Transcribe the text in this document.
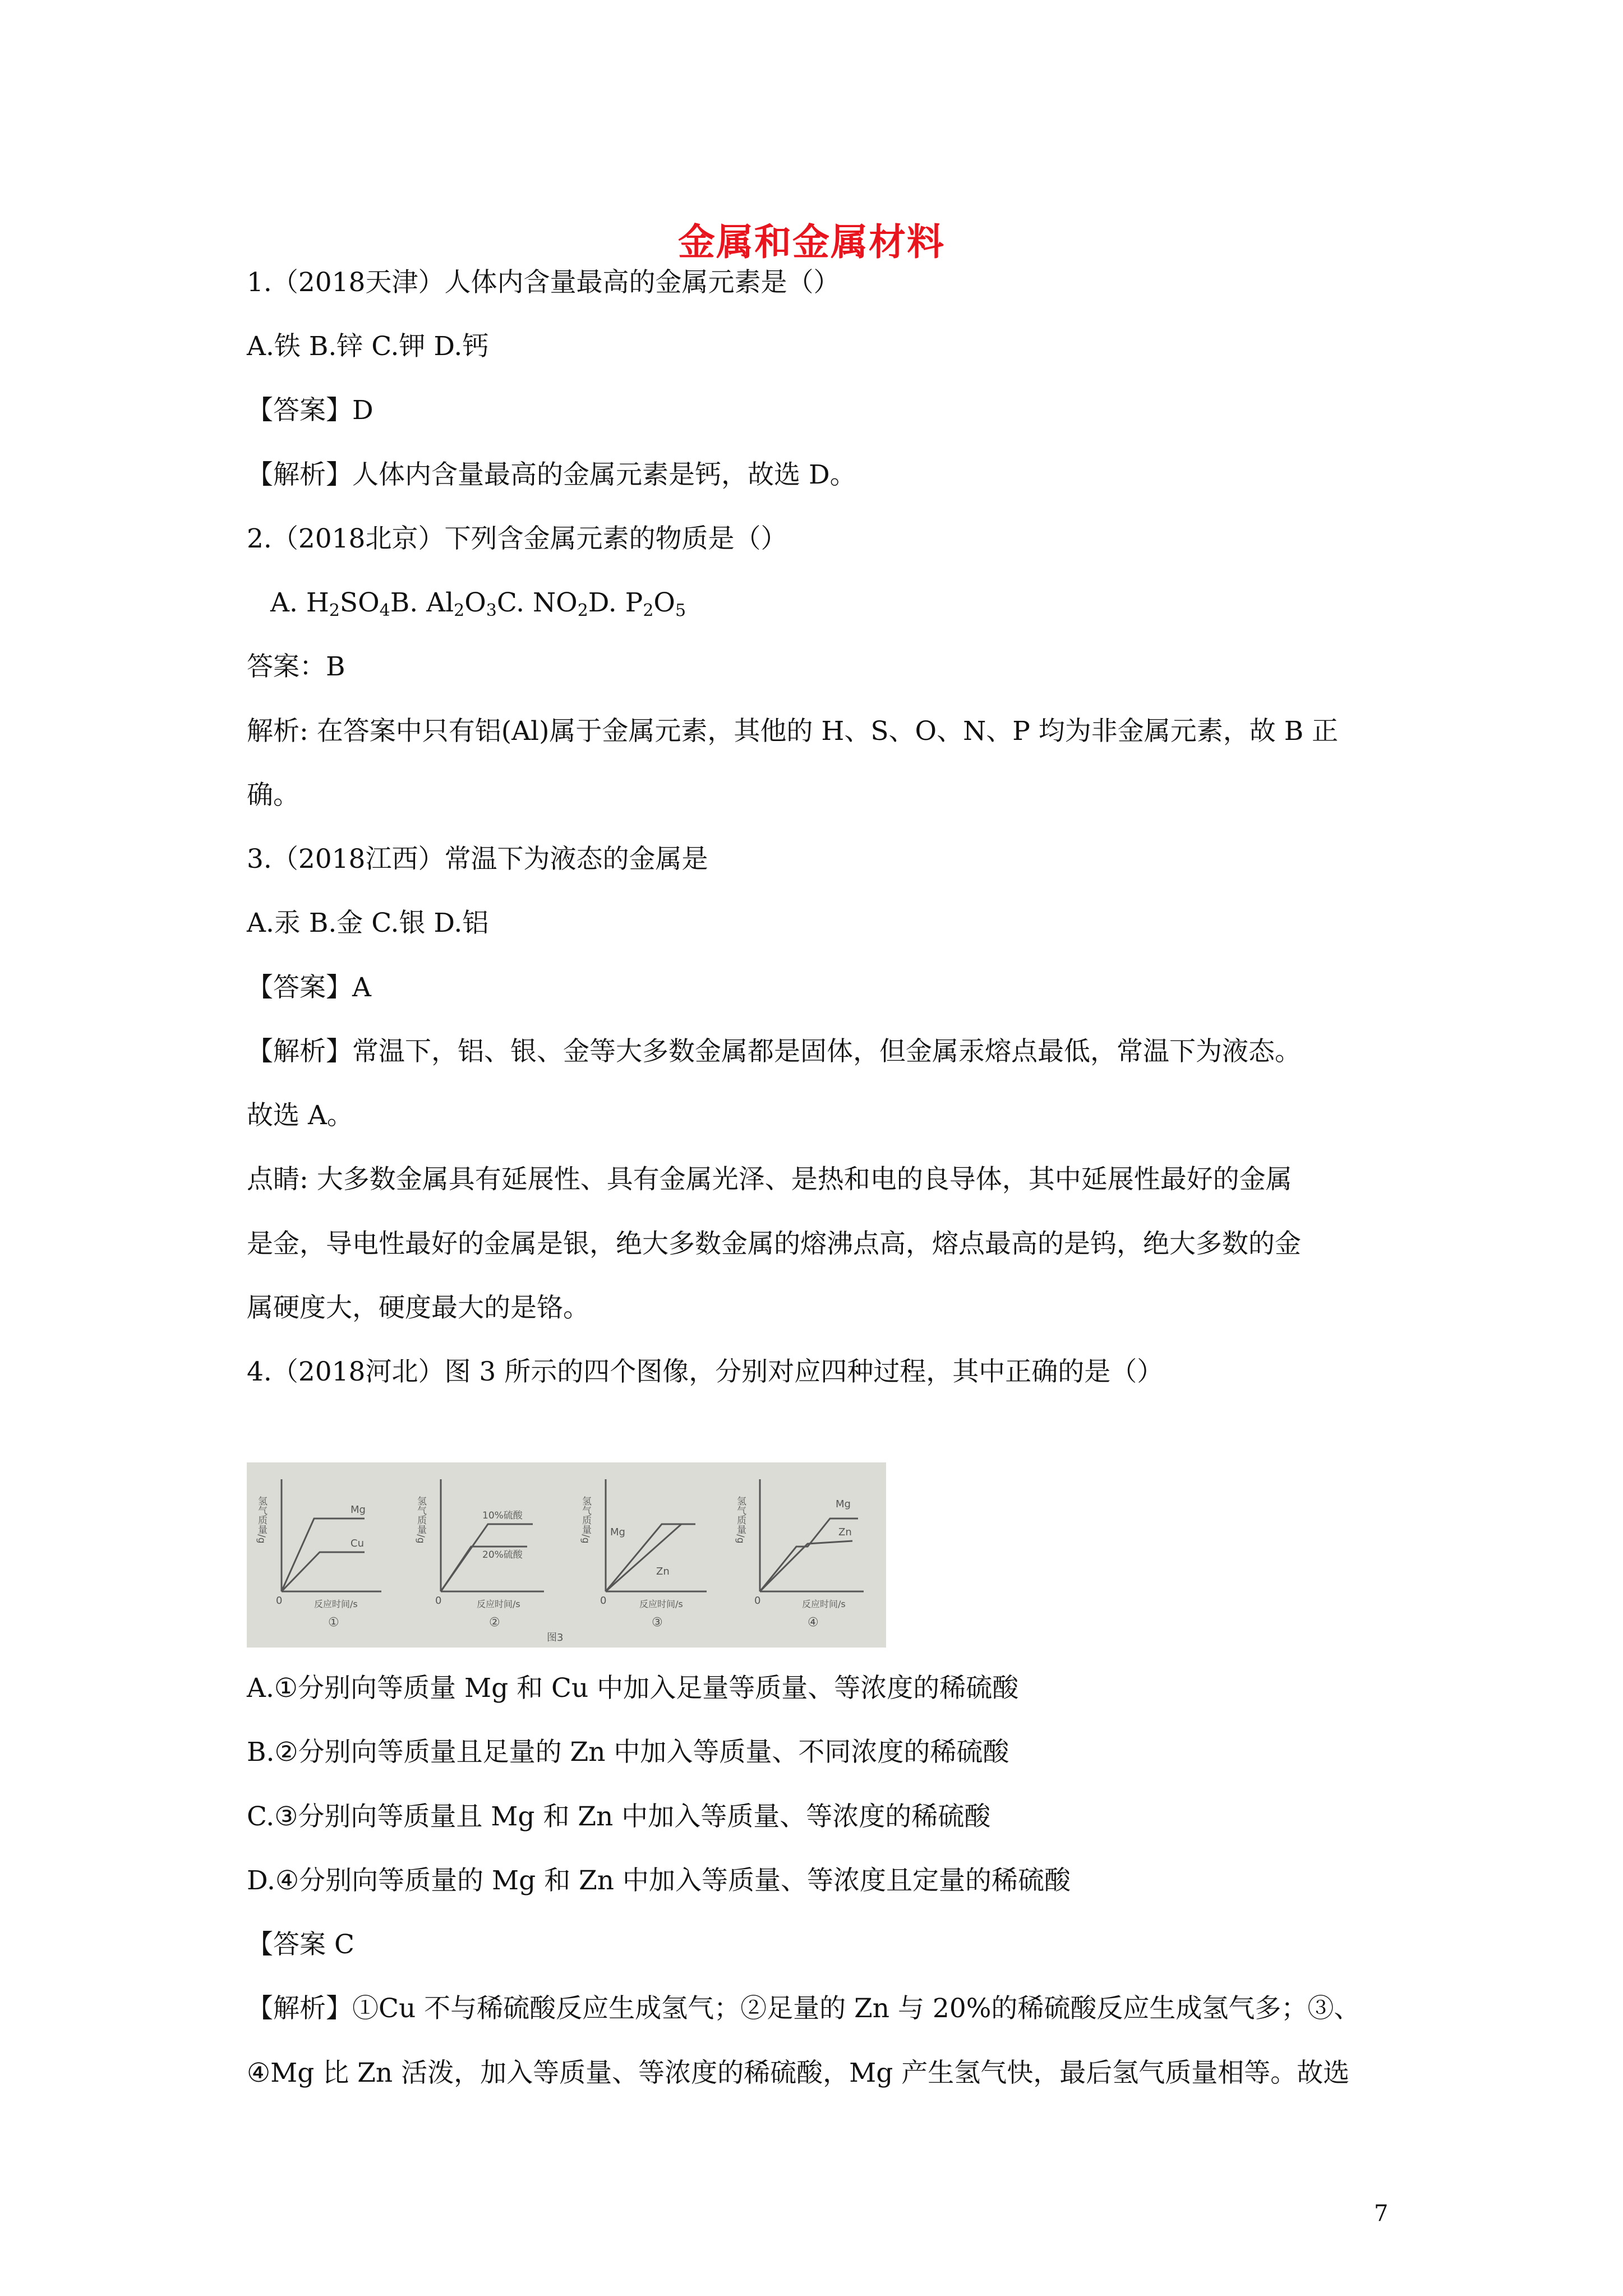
金属和金属材料
1.（2018天津）人体内含量最高的金属元素是（）
A.铁 B.锌 C.钾 D.钙
【答案】D
【解析】人体内含量最高的金属元素是钙，故选 D。
2.（2018北京）下列含金属元素的物质是（）
A. $H_2SO_4B$. $Al_2O_3C$. $NO_2D$. $P_2O_5$
答案：B
解析: 在答案中只有铝(Al)属于金属元素，其他的 H、S、O、N、P 均为非金属元素，故 B 正
确。
3.（2018江西）常温下为液态的金属是
A.汞 B.金 C.银 D.铝
【答案】A
【解析】常温下，铝、银、金等大多数金属都是固体，但金属汞熔点最低，常温下为液态。
故选 A。
点睛: 大多数金属具有延展性、具有金属光泽、是热和电的良导体，其中延展性最好的金属
是金，导电性最好的金属是银，绝大多数金属的熔沸点高，熔点最高的是钨，绝大多数的金
属硬度大，硬度最大的是铬。
4.（2018河北）图 3 所示的四个图像，分别对应四种过程，其中正确的是（）
氢气质量/g
0
Mg
Cu
反应时间/s
①
氢气质量/g
0
10%硫酸
20%硫酸
反应时间/s
②
氢气质量/g
0
Mg
Zn
反应时间/s
③
图3
氢气质量/g
0
Mg
Zn
反应时间/s
④
A.①分别向等质量 Mg 和 Cu 中加入足量等质量、等浓度的稀硫酸
B.②分别向等质量且足量的 Zn 中加入等质量、不同浓度的稀硫酸
C.③分别向等质量且 Mg 和 Zn 中加入等质量、等浓度的稀硫酸
D.④分别向等质量的 Mg 和 Zn 中加入等质量、等浓度且定量的稀硫酸
【答案 C
【解析】①Cu 不与稀硫酸反应生成氢气；②足量的 Zn 与 20%的稀硫酸反应生成氢气多；③、
④Mg 比 Zn 活泼，加入等质量、等浓度的稀硫酸，Mg 产生氢气快，最后氢气质量相等。故选
7
